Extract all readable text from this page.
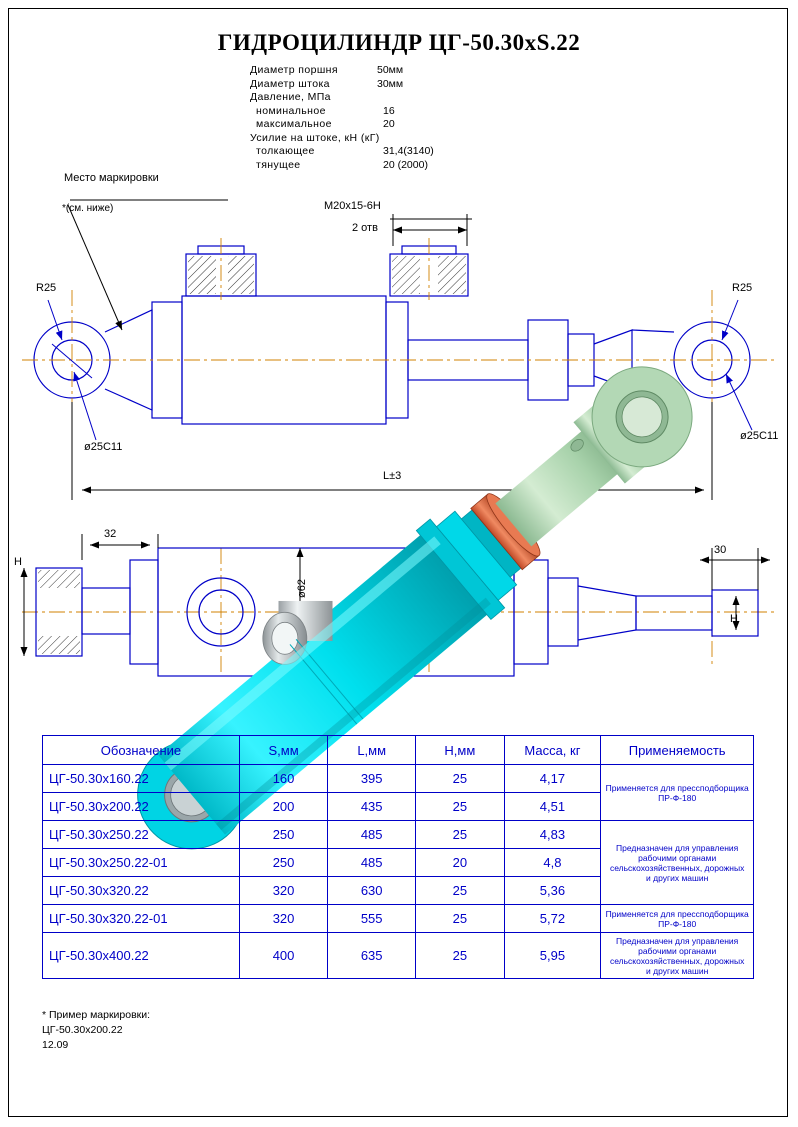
ГИДРОЦИЛИНДР ЦГ-50.30xS.22
Диаметр поршня	50мм
Диаметр штока	30мм
Давление, МПа
номинальное	16
максимальное	20
Усилие на штоке, кН (кГ)
толкающее	31,4(3140)
тянущее	20 (2000)
Место маркировки
*(см. ниже)	M20x15-6H
2 отв
R25	R25
ø25C11
ø25C11
L±3
32
30
ø62
H
H
Обозначение	S,мм	L,мм	H,мм	Масса, кг	Применяемость
ЦГ-50.30x160.22	160	395	25	4,17	Применяется для прессподборщика
ПР-Ф-180

ЦГ-50.30x200.22	200	435	25	4,51	
ЦГ-50.30x250.22	250	485	25	4,83	Предназначен для управления
рабочими органами
сельскохозяйственных, дорожных
и других машин

ЦГ-50.30x250.22-01	250	485	20	4,8	
ЦГ-50.30x320.22	320	630	25	5,36	
ЦГ-50.30x320.22-01	320	555	25	5,72	Применяется для прессподборщика
ПР-Ф-180

ЦГ-50.30x400.22	400	635	25	5,95	Предназначен для управления
рабочими органами
сельскохозяйственных, дорожных
и других машин
* Пример маркировки:
ЦГ-50.30x200.22
12.09
